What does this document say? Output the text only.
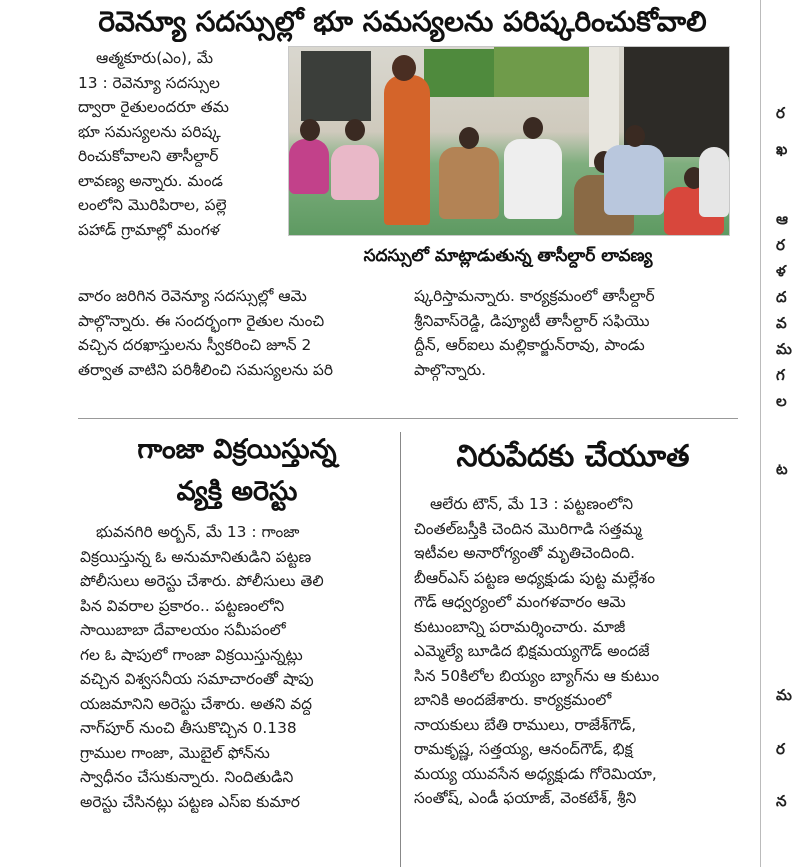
రెవెన్యూ సదస్సుల్లో భూ సమస్యలను పరిష్కరించుకోవాలి
ఆత్మకూరు(ఎం), మే
13 : రెవెన్యూ సదస్సుల
ద్వారా రైతులందరూ తమ
భూ సమస్యలను పరిష్క
రించుకోవాలని తాసీల్దార్
లావణ్య అన్నారు. మండ
లంలోని మొరిపిరాల, పల్లె
పహాడ్ గ్రామాల్లో మంగళ
సదస్సులో మాట్లాడుతున్న తాసీల్దార్ లావణ్య
వారం జరిగిన రెవెన్యూ సదస్సుల్లో ఆమె
పాల్గొన్నారు. ఈ సందర్భంగా రైతుల నుంచి
వచ్చిన దరఖాస్తులను స్వీకరించి జూన్ 2
తర్వాత వాటిని పరిశీలించి సమస్యలను పరి
ష్కరిస్తామన్నారు. కార్యక్రమంలో తాసీల్దార్
శ్రీనివాస్‌రెడ్డి, డిప్యూటీ తాసీల్దార్ సఫియొ
ద్దీన్, ఆర్ఐలు మల్లికార్జున్‌రావు, పాండు
పాల్గొన్నారు.
గాంజా విక్రయిస్తున్న
వ్యక్తి అరెస్టు
భువనగిరి అర్బన్, మే 13 : గాంజా
విక్రయిస్తున్న ఓ అనుమానితుడిని పట్టణ
పోలీసులు అరెస్టు చేశారు. పోలీసులు తెలి
పిన వివరాల ప్రకారం.. పట్టణంలోని
సాయిబాబా దేవాలయం సమీపంలో
గల ఓ షాపులో గాంజా విక్రయిస్తున్నట్లు
వచ్చిన విశ్వసనీయ సమాచారంతో షాపు
యజమానిని అరెస్టు చేశారు. అతని వద్ద
నాగ్‌పూర్ నుంచి తీసుకొచ్చిన 0.138
గ్రాముల గాంజా, మొబైల్ ఫోన్‌ను
స్వాధీనం చేసుకున్నారు. నిందితుడిని
అరెస్టు చేసినట్లు పట్టణ ఎస్ఐ కుమార
నిరుపేదకు చేయూత
ఆలేరు టౌన్, మే 13 : పట్టణంలోని
చింతల్‌బస్తీకి చెందిన మొరిగాడి సత్తమ్మ
ఇటీవల అనారోగ్యంతో మృతిచెందింది.
బీఆర్ఎస్ పట్టణ అధ్యక్షుడు పుట్ట మల్లేశం
గౌడ్ ఆధ్వర్యంలో మంగళవారం ఆమె
కుటుంబాన్ని పరామర్శించారు. మాజీ
ఎమ్మెల్యే బూడిద భిక్షమయ్యగౌడ్ అందజే
సిన 50కిలోల బియ్యం బ్యాగ్‌ను ఆ కుటుం
బానికి అందజేశారు. కార్యక్రమంలో
నాయకులు బేతి రాములు, రాజేశ్‌గౌడ్,
రామకృష్ణ, సత్తయ్య, ఆనంద్‌గౌడ్, భిక్ష
మయ్య యువసేన అధ్యక్షుడు గోరెమియా,
సంతోష్, ఎండీ ఫయాజ్, వెంకటేశ్, శ్రీని
ర
ఖ
ఆ
ర
ళ
ద
వ
మ
గ
ల
ట
మ
ర
న
